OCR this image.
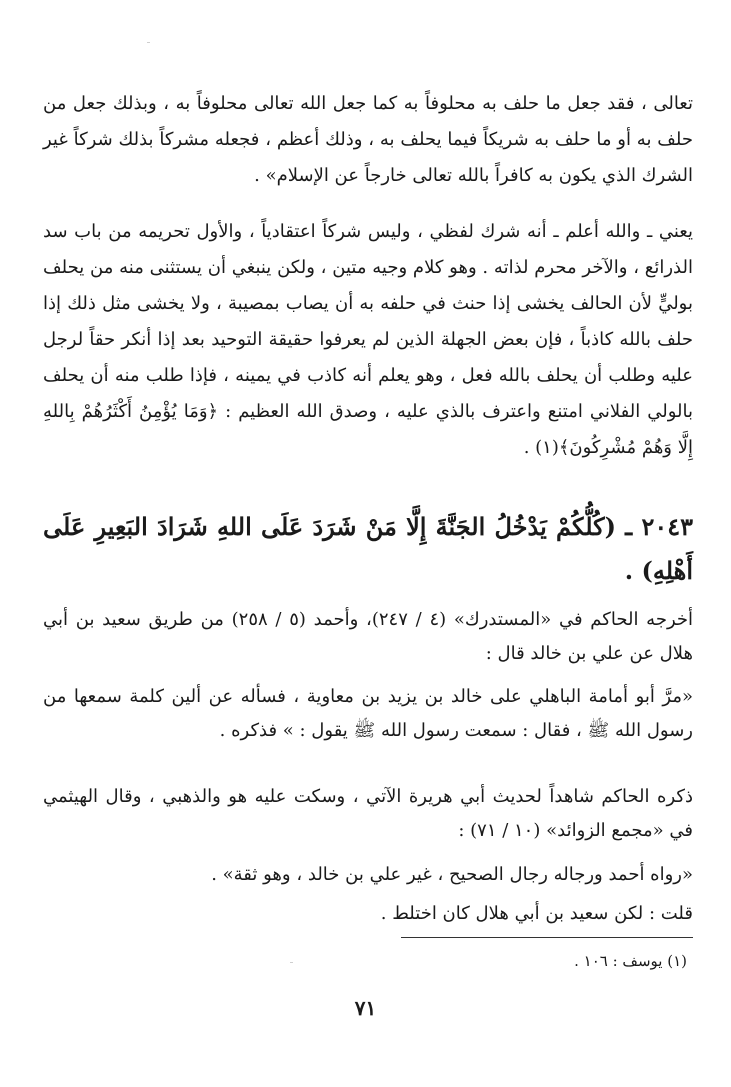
تعالى ، فقد جعل ما حلف به محلوفاً به كما جعل الله تعالى محلوفاً به ، وبذلك جعل من حلف به أو ما حلف به شريكاً فيما يحلف به ، وذلك أعظم ، فجعله مشركاً بذلك شركاً غير الشرك الذي يكون به كافراً بالله تعالى خارجاً عن الإسلام» .
يعني ـ والله أعلم ـ أنه شرك لفظي ، وليس شركاً اعتقادياً ، والأول تحريمه من باب سد الذرائع ، والآخر محرم لذاته . وهو كلام وجيه متين ، ولكن ينبغي أن يستثنى منه من يحلف بوليٍّ لأن الحالف يخشى إذا حنث في حلفه به أن يصاب بمصيبة ، ولا يخشى مثل ذلك إذا حلف بالله كاذباً ، فإن بعض الجهلة الذين لم يعرفوا حقيقة التوحيد بعد إذا أنكر حقاً لرجل عليه وطلب أن يحلف بالله فعل ، وهو يعلم أنه كاذب في يمينه ، فإذا طلب منه أن يحلف بالولي الفلاني امتنع واعترف بالذي عليه ، وصدق الله العظيم : ﴿وَمَا يُؤْمِنُ أَكْثَرُهُمْ بِاللهِ إِلَّا وَهُمْ مُشْرِكُونَ﴾(١) .
٢٠٤٣ ـ (كُلُّكُمْ يَدْخُلُ الجَنَّةَ إِلَّا مَنْ شَرَدَ عَلَى اللهِ شَرَادَ البَعِيرِ عَلَى أَهْلِهِ) .
أخرجه الحاكم في «المستدرك» (٤ / ٢٤٧)، وأحمد (٥ / ٢٥٨) من طريق سعيد بن أبي هلال عن علي بن خالد قال :
«مرَّ أبو أمامة الباهلي على خالد بن يزيد بن معاوية ، فسأله عن ألين كلمة سمعها من رسول الله ﷺ ، فقال : سمعت رسول الله ﷺ يقول : » فذكره .
ذكره الحاكم شاهداً لحديث أبي هريرة الآتي ، وسكت عليه هو والذهبي ، وقال الهيثمي في «مجمع الزوائد» (١٠ / ٧١) :
«رواه أحمد ورجاله رجال الصحيح ، غير علي بن خالد ، وهو ثقة» .
قلت : لكن سعيد بن أبي هلال كان اختلط .
(١) يوسف : ١٠٦ .
٧١
